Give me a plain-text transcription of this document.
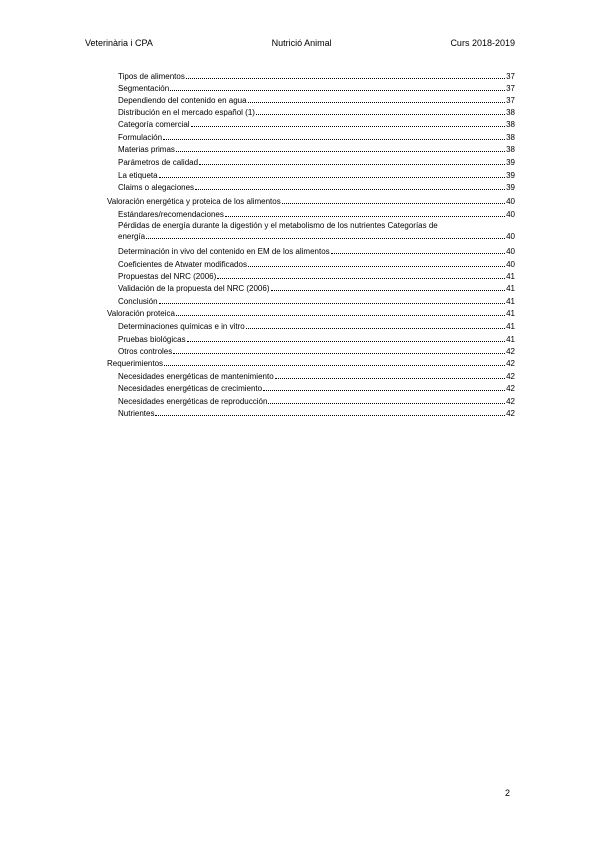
Veterinària i CPA	Nutrició Animal	Curs 2018-2019
Tipos de alimentos	37
Segmentación	37
Dependiendo del contenido en agua	37
Distribución en el mercado español (1)	38
Categoría comercial	38
Formulación	38
Materias primas	38
Parámetros de calidad	39
La etiqueta	39
Claims o alegaciones	39
Valoración energética y proteica de los alimentos	40
Estándares/recomendaciones	40
Pérdidas de energía durante la digestión y el metabolismo de los nutrientes Categorías de
energía	40
Determinación in vivo del contenido en EM de los alimentos	40
Coeficientes de Atwater modificados	40
Propuestas del NRC (2006)	41
Validación de la propuesta del NRC (2006)	41
Conclusión	41
Valoración proteica	41
Determinaciones químicas e in vitro	41
Pruebas biológicas	41
Otros controles	42
Requerimientos	42
Necesidades energéticas de mantenimiento	42
Necesidades energéticas de crecimiento	42
Necesidades energéticas de reproducción	42
Nutrientes	42
2
